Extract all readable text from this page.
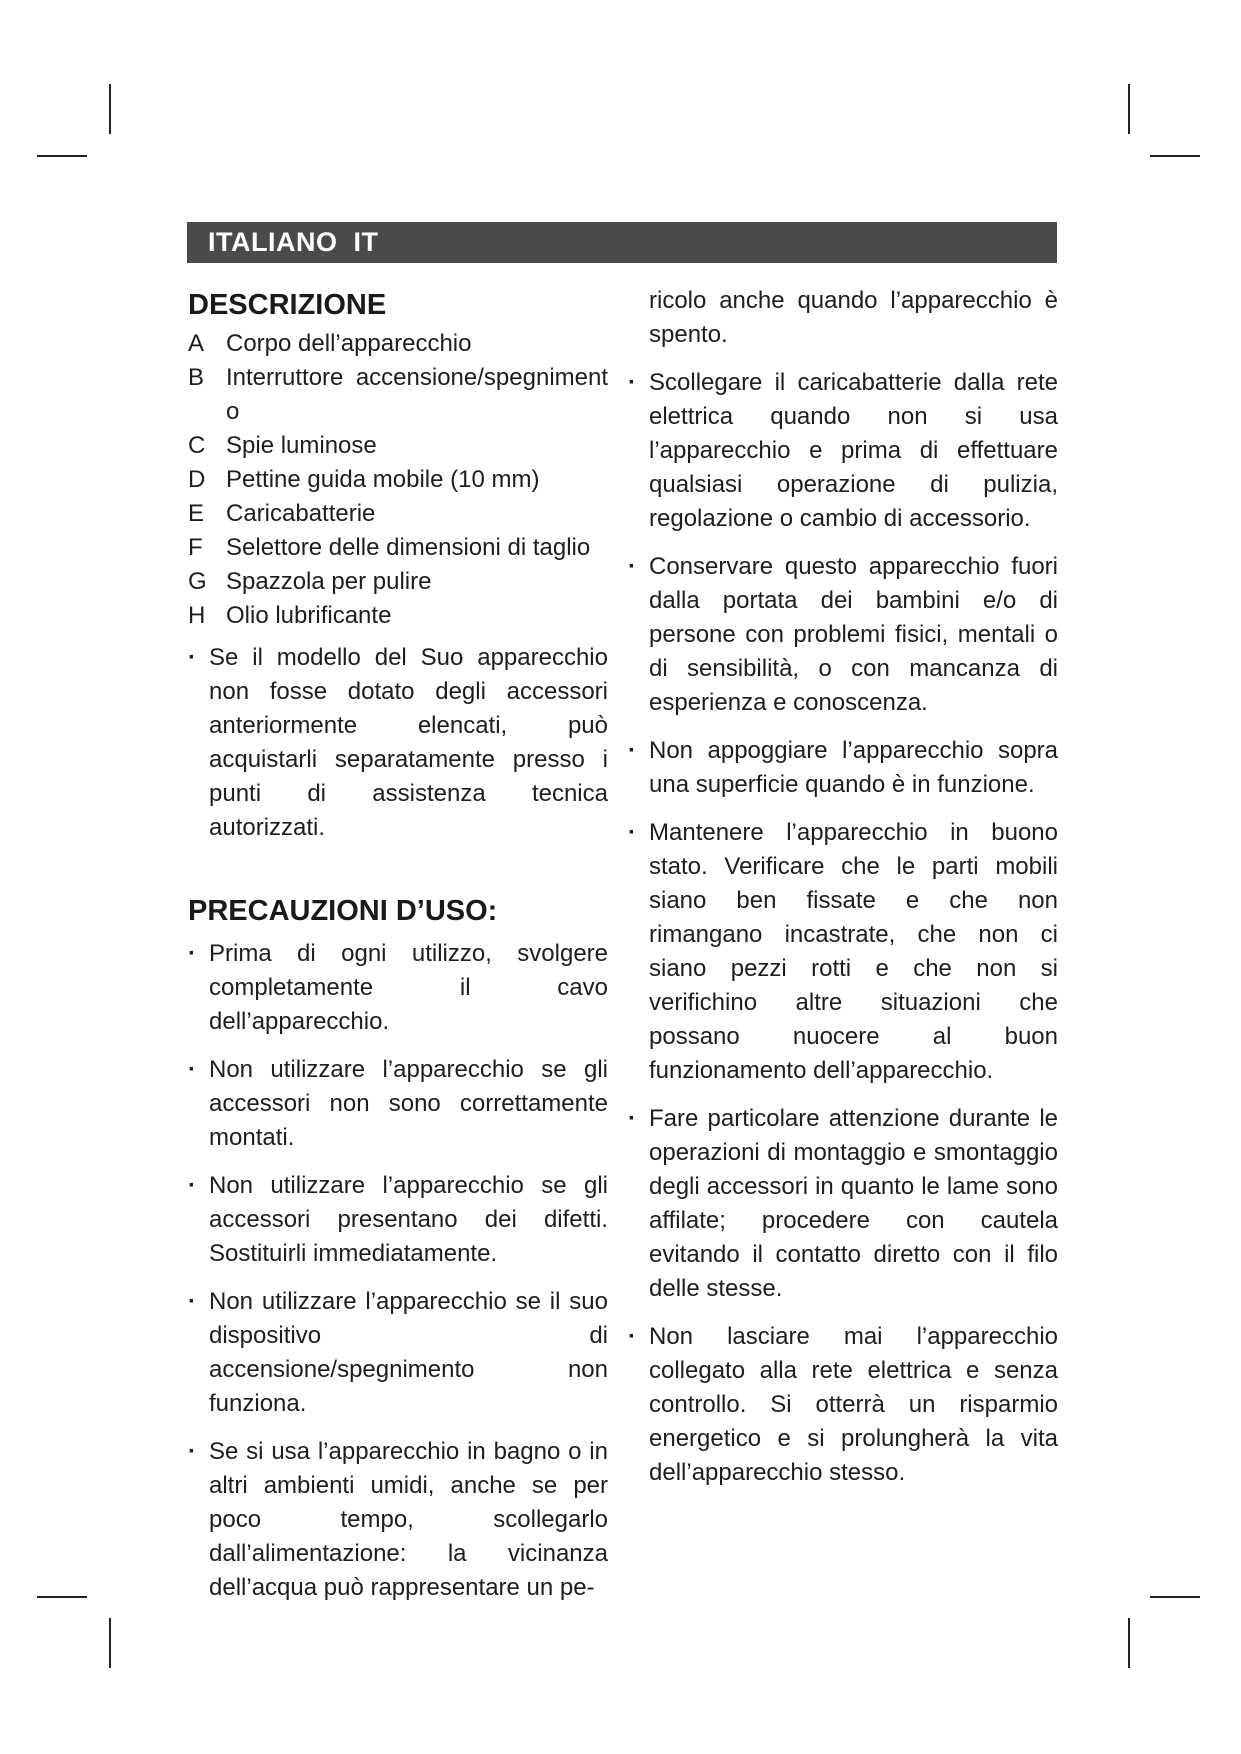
ITALIANO  IT
DESCRIZIONE
A Corpo dell’apparecchio
B Interruttore accensione/spegnimento
C Spie luminose
D Pettine guida mobile (10 mm)
E Caricabatterie
F Selettore delle dimensioni di taglio
G Spazzola per pulire
H Olio lubrificante
· Se il modello del Suo apparecchio non fosse dotato degli accessori anteriormente elencati, può acquistarli separatamente presso i punti di assistenza tecnica autorizzati.
PRECAUZIONI D’USO:
· Prima di ogni utilizzo, svolgere completamente il cavo dell’apparecchio.
· Non utilizzare l’apparecchio se gli accessori non sono correttamente montati.
· Non utilizzare l’apparecchio se gli accessori presentano dei difetti. Sostituirli immediatamente.
· Non utilizzare l’apparecchio se il suo dispositivo di accensione/spegnimento non funziona.
· Se si usa l’apparecchio in bagno o in altri ambienti umidi, anche se per poco tempo, scollegarlo dall’alimentazione: la vicinanza dell’acqua può rappresentare un pe-
ricolo anche quando l’apparecchio è spento.
· Scollegare il caricabatterie dalla rete elettrica quando non si usa l’apparecchio e prima di effettuare qualsiasi operazione di pulizia, regolazione o cambio di accessorio.
· Conservare questo apparecchio fuori dalla portata dei bambini e/o di persone con problemi fisici, mentali o di sensibilità, o con mancanza di esperienza e conoscenza.
· Non appoggiare l’apparecchio sopra una superficie quando è in funzione.
· Mantenere l’apparecchio in buono stato. Verificare che le parti mobili siano ben fissate e che non rimangano incastrate, che non ci siano pezzi rotti e che non si verifichino altre situazioni che possano nuocere al buon funzionamento dell’apparecchio.
· Fare particolare attenzione durante le operazioni di montaggio e smontaggio degli accessori in quanto le lame sono affilate; procedere con cautela evitando il contatto diretto con il filo delle stesse.
· Non lasciare mai l’apparecchio collegato alla rete elettrica e senza controllo. Si otterrà un risparmio energetico e si prolungherà la vita dell’apparecchio stesso.
